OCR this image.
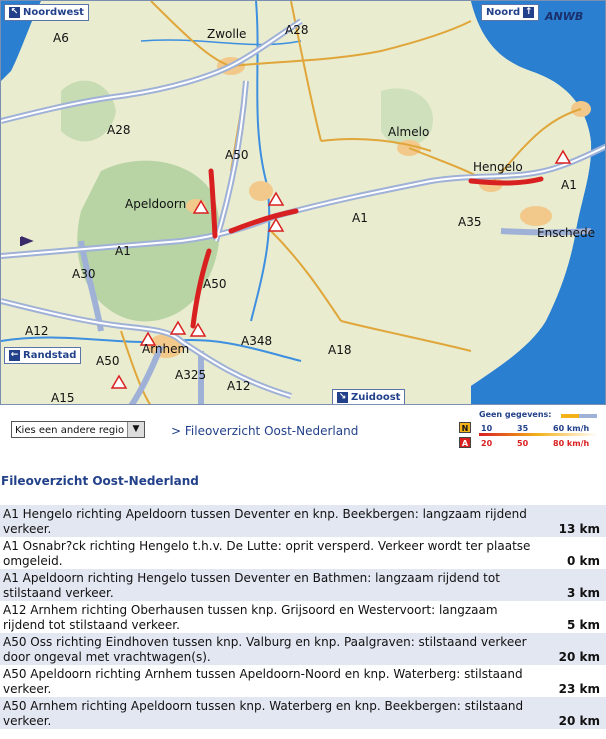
Zwolle
Almelo
Hengelo
Apeldoorn
Enschede
Arnhem
A6
A28
A28
A50
A1
A1	A35
A1
A30
A50
A12
A348
A18
A50
A325
A12
A15
↖ Noordwest	Noord ↑
← Randstad
↘ Zuidoost
ANWB
Kies een andere regio ▼	> Fileoverzicht Oost-Nederland
Geen gegevens:
N	10	35	60 km/h
A	20	50	80 km/h
Fileoverzicht Oost-Nederland
A1 Hengelo richting Apeldoorn tussen Deventer en knp. Beekbergen: langzaam rijdend verkeer.	13 km
A1 Osnabr?ck richting Hengelo t.h.v. De Lutte: oprit versperd. Verkeer wordt ter plaatse omgeleid.	0 km
A1 Apeldoorn richting Hengelo tussen Deventer en Bathmen: langzaam rijdend tot stilstaand verkeer.	3 km
A12 Arnhem richting Oberhausen tussen knp. Grijsoord en Westervoort: langzaam rijdend tot stilstaand verkeer.	5 km
A50 Oss richting Eindhoven tussen knp. Valburg en knp. Paalgraven: stilstaand verkeer door ongeval met vrachtwagen(s).	20 km
A50 Apeldoorn richting Arnhem tussen Apeldoorn-Noord en knp. Waterberg: stilstaand verkeer.	23 km
A50 Arnhem richting Apeldoorn tussen knp. Waterberg en knp. Beekbergen: stilstaand verkeer.	20 km
